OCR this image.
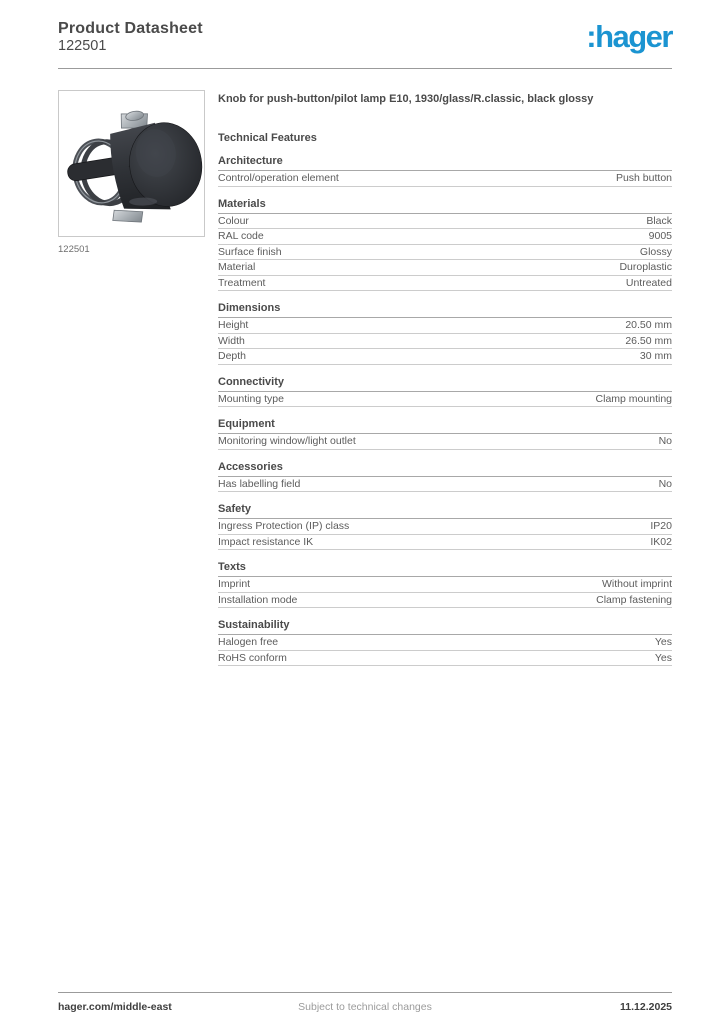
Product Datasheet
122501	:hager
122501
Knob for push-button/pilot lamp E10, 1930/glass/R.classic, black glossy
Technical Features
Architecture
Control/operation element	Push button
Materials
Colour	Black
RAL code	9005
Surface finish	Glossy
Material	Duroplastic
Treatment	Untreated
Dimensions
Height	20.50 mm
Width	26.50 mm
Depth	30 mm
Connectivity
Mounting type	Clamp mounting
Equipment
Monitoring window/light outlet	No
Accessories
Has labelling field	No
Safety
Ingress Protection (IP) class	IP20
Impact resistance IK	IK02
Texts
Imprint	Without imprint
Installation mode	Clamp fastening
Sustainability
Halogen free	Yes
RoHS conform	Yes
hager.com/middle-east	Subject to technical changes	11.12.2025
